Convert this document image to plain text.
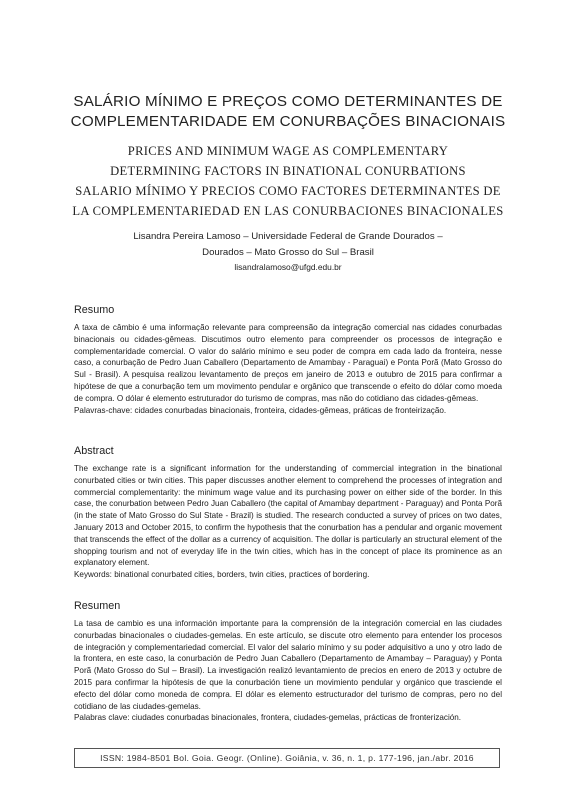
SALÁRIO MÍNIMO E PREÇOS COMO DETERMINANTES DE
COMPLEMENTARIDADE EM CONURBAÇÕES BINACIONAIS
PRICES AND MINIMUM WAGE AS COMPLEMENTARY
DETERMINING FACTORS IN BINATIONAL CONURBATIONS
SALARIO MÍNIMO Y PRECIOS COMO FACTORES DETERMINANTES DE
LA COMPLEMENTARIEDAD EN LAS CONURBACIONES BINACIONALES
Lisandra Pereira Lamoso – Universidade Federal de Grande Dourados –
Dourados – Mato Grosso do Sul – Brasil
lisandralamoso@ufgd.edu.br
Resumo

A taxa de câmbio é uma informação relevante para compreensão da integração comercial nas cidades conurbadas binacionais ou cidades-gêmeas. Discutimos outro elemento para compreender os processos de integração e complementaridade comercial. O valor do salário mínimo e seu poder de compra em cada lado da fronteira, nesse caso, a conurbação de Pedro Juan Caballero (Departamento de Amambay - Paraguai) e Ponta Porã (Mato Grosso do Sul - Brasil). A pesquisa realizou levantamento de preços em janeiro de 2013 e outubro de 2015 para confirmar a hipótese de que a conurbação tem um movimento pendular e orgânico que transcende o efeito do dólar como moeda de compra. O dólar é elemento estruturador do turismo de compras, mas não do cotidiano das cidades-gêmeas.

Palavras-chave: cidades conurbadas binacionais, fronteira, cidades-gêmeas, práticas de fronteirização.

Abstract

The exchange rate is a significant information for the understanding of commercial integration in the binational conurbated cities or twin cities. This paper discusses another element to comprehend the processes of integration and commercial complementarity: the minimum wage value and its purchasing power on either side of the border. In this case, the conurbation between Pedro Juan Caballero (the capital of Amambay department - Paraguay) and Ponta Porã (in the state of Mato Grosso do Sul State - Brazil) is studied. The research conducted a survey of prices on two dates, January 2013 and October 2015, to confirm the hypothesis that the conurbation has a pendular and organic movement that transcends the effect of the dollar as a currency of acquisition. The dollar is particularly an structural element of the shopping tourism and not of everyday life in the twin cities, which has in the concept of place its prominence as an explanatory element.

Keywords: binational conurbated cities, borders, twin cities, practices of bordering.

Resumen

La tasa de cambio es una información importante para la comprensión de la integración comercial en las ciudades conurbadas binacionales o ciudades-gemelas. En este artículo, se discute otro elemento para entender los procesos de integración y complementariedad comercial. El valor del salario mínimo y su poder adquisitivo a uno y otro lado de la frontera, en este caso, la conurbación de Pedro Juan Caballero (Departamento de Amambay – Paraguay) y Ponta Porã (Mato Grosso do Sul – Brasil). La investigación realizó levantamiento de precios en enero de 2013 y octubre de 2015 para confirmar la hipótesis de que la conurbación tiene un movimiento pendular y orgánico que trasciende el efecto del dólar como moneda de compra. El dólar es elemento estructurador del turismo de compras, pero no del cotidiano de las ciudades-gemelas.

Palabras clave: ciudades conurbadas binacionales, frontera, ciudades-gemelas, prácticas de fronterización.

ISSN: 1984-8501 Bol. Goia. Geogr. (Online). Goiânia, v. 36, n. 1, p. 177-196, jan./abr. 2016
